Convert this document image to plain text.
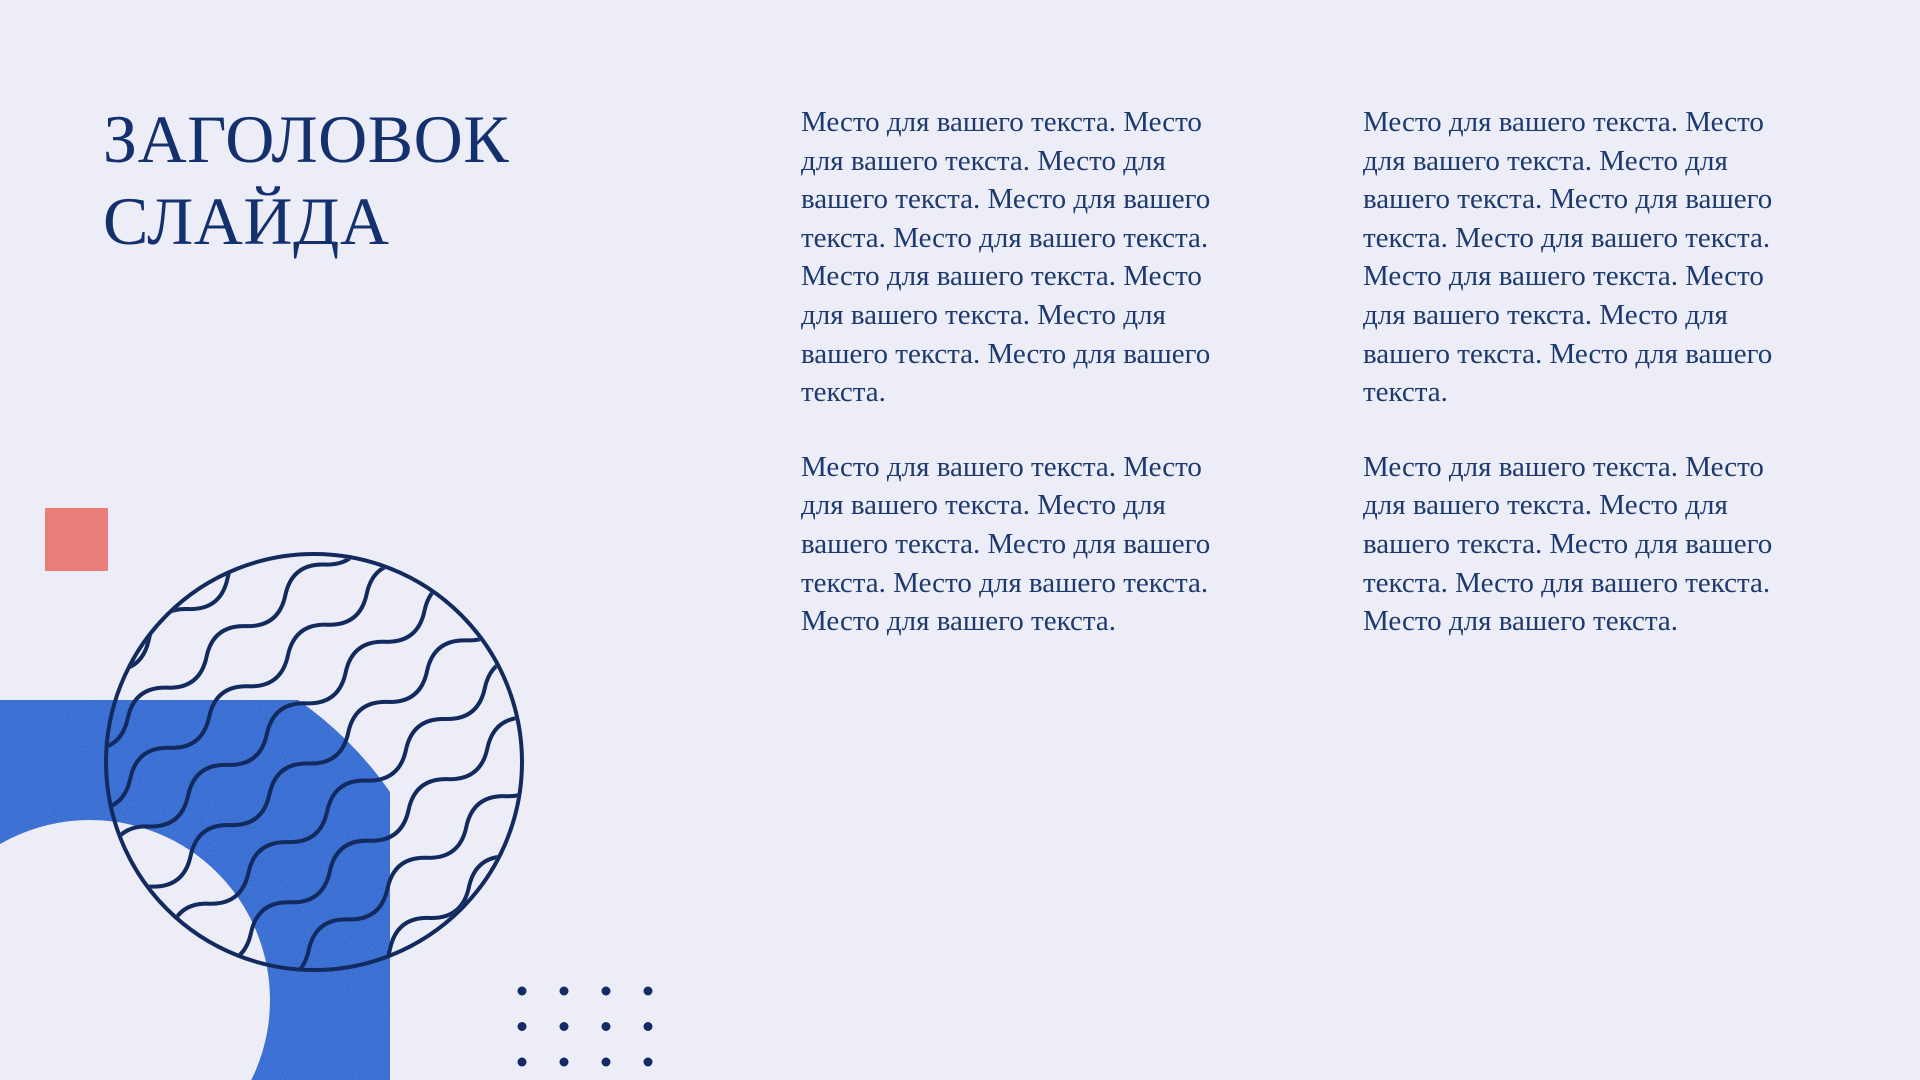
ЗАГОЛОВОК СЛАЙДА

Место для вашего текста. Место для вашего текста. Место для вашего текста. Место для вашего текста. Место для вашего текста. Место для вашего текста. Место для вашего текста. Место для вашего текста. Место для вашего текста.

Место для вашего текста. Место для вашего текста. Место для вашего текста. Место для вашего текста. Место для вашего текста. Место для вашего текста.

Место для вашего текста. Место для вашего текста. Место для вашего текста. Место для вашего текста. Место для вашего текста. Место для вашего текста. Место для вашего текста. Место для вашего текста. Место для вашего текста.

Место для вашего текста. Место для вашего текста. Место для вашего текста. Место для вашего текста. Место для вашего текста. Место для вашего текста.
